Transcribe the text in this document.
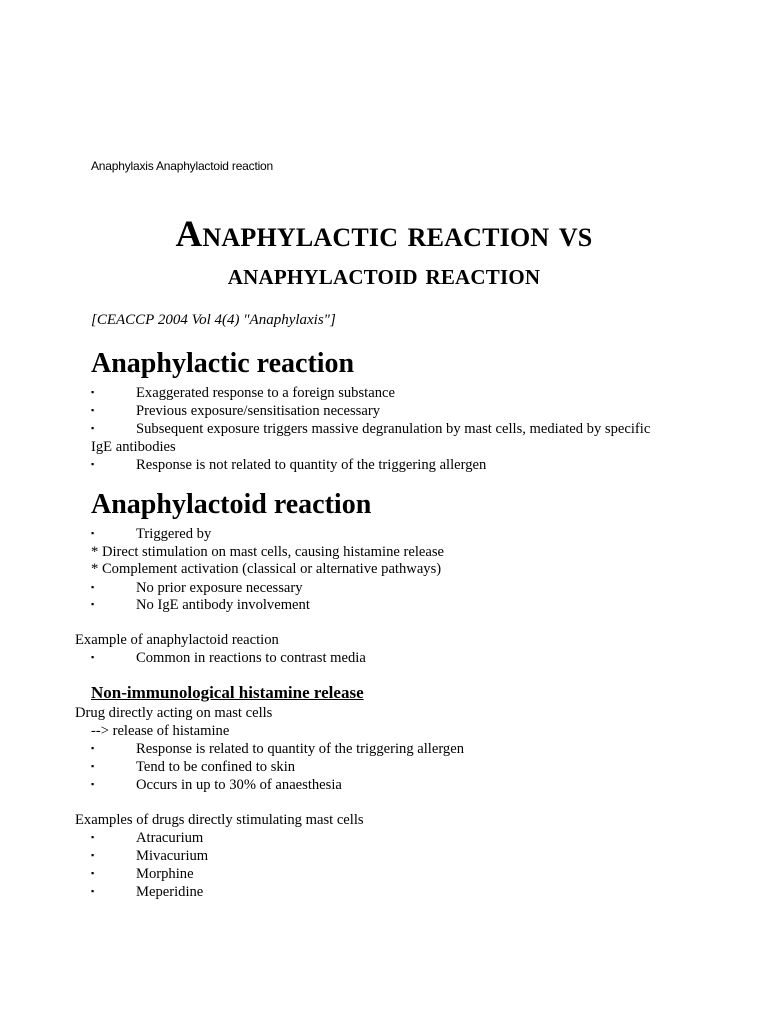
Anaphylaxis Anaphylactoid reaction
Anaphylactic reaction vs
anaphylactoid reaction
[CEACCP 2004 Vol 4(4) "Anaphylaxis"]
Anaphylactic reaction
▪	Exaggerated response to a foreign substance
▪	Previous exposure/sensitisation necessary
▪	Subsequent exposure triggers massive degranulation by mast cells, mediated by specific
IgE antibodies
▪	Response is not related to quantity of the triggering allergen
Anaphylactoid reaction
▪	Triggered by
* Direct stimulation on mast cells, causing histamine release
* Complement activation (classical or alternative pathways)
▪	No prior exposure necessary
▪	No IgE antibody involvement
Example of anaphylactoid reaction
▪	Common in reactions to contrast media
Non-immunological histamine release
Drug directly acting on mast cells
--> release of histamine
▪	Response is related to quantity of the triggering allergen
▪	Tend to be confined to skin
▪	Occurs in up to 30% of anaesthesia
Examples of drugs directly stimulating mast cells
▪	Atracurium
▪	Mivacurium
▪	Morphine
▪	Meperidine
